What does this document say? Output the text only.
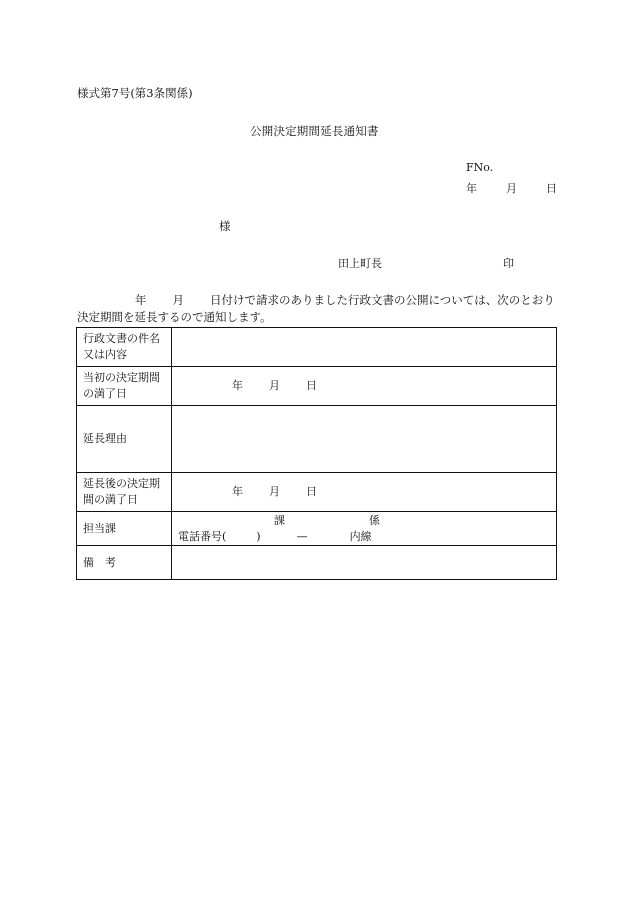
様式第7号(第3条関係)
公開決定期間延長通知書
FNo.
年	月	日
様
田上町長	印
年 月 日付けで請求のありました行政文書の公開については、次のとおり決定期間を延長するので通知します。
行政文書の件名又は内容	
当初の決定期間の満了日	年 月 日
延長理由	
延長後の決定期間の満了日	年 月 日
担当課	課 係
電話番号( ) — 内線

備　考	
